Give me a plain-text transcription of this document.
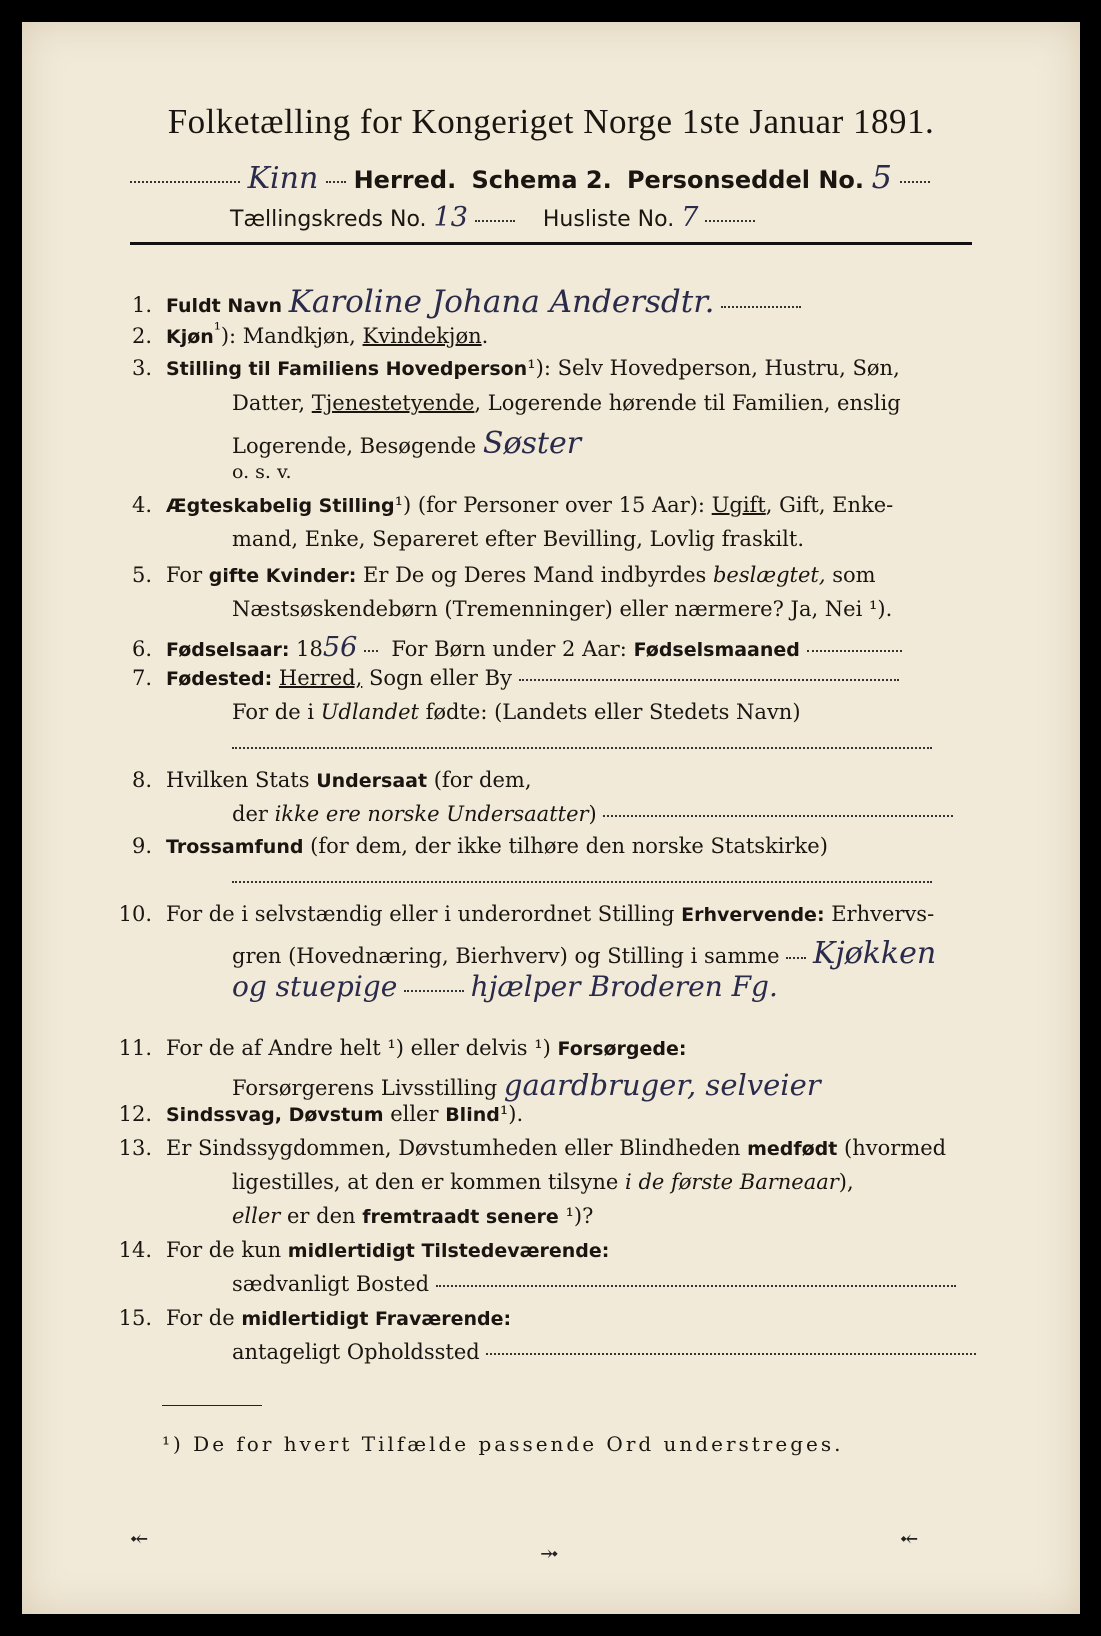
Folketælling for Kongeriget Norge 1ste Januar 1891.
Kinn Herred. Schema 2. Personseddel No. 5
Tællingskreds No. 13	Husliste No. 7
1. Fuldt Navn Karoline Johana Andersdtr.
2. Kjøn$^{^1}$): Mandkjøn, Kvindekjøn.
3. Stilling til Familiens Hovedperson¹): Selv Hovedperson, Hustru, Søn,
Datter, Tjenestetyende, Logerende hørende til Familien, enslig
Logerende, Besøgende Søster
o. s. v.
4. Ægteskabelig Stilling¹) (for Personer over 15 Aar): Ugift, Gift, Enke-
mand, Enke, Separeret efter Bevilling, Lovlig fraskilt.
5. For gifte Kvinder: Er De og Deres Mand indbyrdes beslægtet, som
Næstsøskendebørn (Tremenninger) eller nærmere? Ja, Nei ¹).
6. Fødselsaar: 1856 For Børn under 2 Aar: Fødselsmaaned
7. Fødested: Herred, Sogn eller By
For de i Udlandet fødte: (Landets eller Stedets Navn)
8. Hvilken Stats Undersaat (for dem,
der ikke ere norske Undersaatter)
9. Trossamfund (for dem, der ikke tilhøre den norske Statskirke)
10. For de i selvstændig eller i underordnet Stilling Erhvervende: Erhvervs-
gren (Hovednæring, Bierhverv) og Stilling i samme Kjøkken
og stuepige	hjælper Broderen Fg.
11. For de af Andre helt ¹) eller delvis ¹) Forsørgede:
Forsørgerens Livsstilling gaardbruger, selveier
12. Sindssvag, Døvstum eller Blind¹).
13. Er Sindssygdommen, Døvstumheden eller Blindheden medfødt (hvormed
ligestilles, at den er kommen tilsyne i de første Barneaar),
eller er den fremtraadt senere ¹)?
14. For de kun midlertidigt Tilstedeværende:
sædvanligt Bosted
15. For de midlertidigt Fraværende:
antageligt Opholdssted
¹) De for hvert Tilfælde passende Ord understreges.
⤝
⤞
⤝
